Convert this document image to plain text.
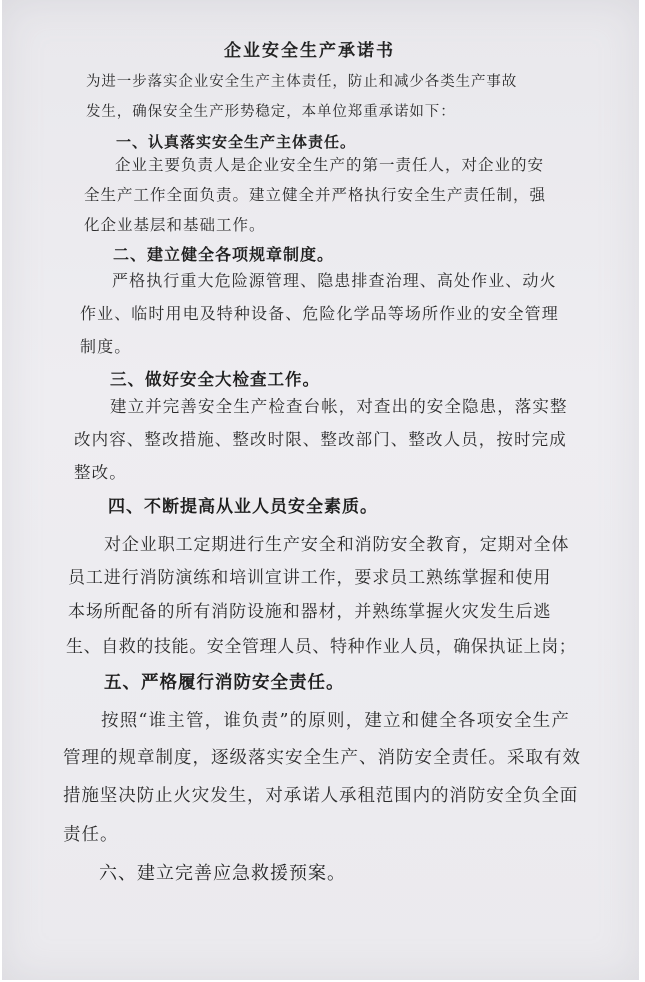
企业安全生产承诺书
为进一步落实企业安全生产主体责任，防止和减少各类生产事故
发生，确保安全生产形势稳定，本单位郑重承诺如下：
一、认真落实安全生产主体责任。
企业主要负责人是企业安全生产的第一责任人，对企业的安
全生产工作全面负责。建立健全并严格执行安全生产责任制，强
化企业基层和基础工作。
二、建立健全各项规章制度。
严格执行重大危险源管理、隐患排查治理、高处作业、动火
作业、临时用电及特种设备、危险化学品等场所作业的安全管理
制度。
三、做好安全大检查工作。
建立并完善安全生产检查台帐，对查出的安全隐患，落实整
改内容、整改措施、整改时限、整改部门、整改人员，按时完成
整改。
四、不断提高从业人员安全素质。
对企业职工定期进行生产安全和消防安全教育，定期对全体
员工进行消防演练和培训宣讲工作，要求员工熟练掌握和使用
本场所配备的所有消防设施和器材，并熟练掌握火灾发生后逃
生、自救的技能。安全管理人员、特种作业人员，确保执证上岗；
五、严格履行消防安全责任。
按照“谁主管，谁负责”的原则，建立和健全各项安全生产
管理的规章制度，逐级落实安全生产、消防安全责任。采取有效
措施坚决防止火灾发生，对承诺人承租范围内的消防安全负全面
责任。
六、建立完善应急救援预案。
